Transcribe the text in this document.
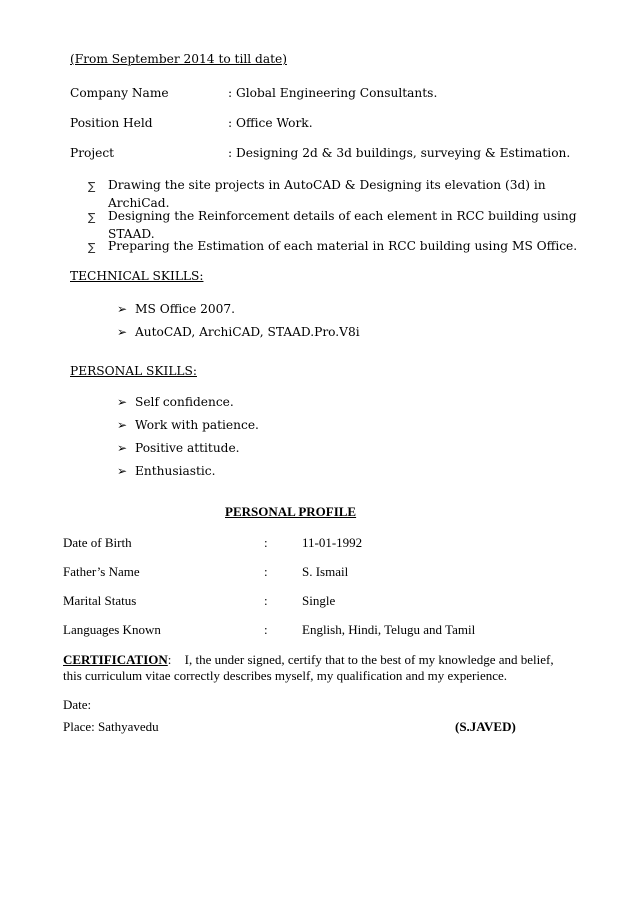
(From September 2014 to till date)
Company Name	: Global Engineering Consultants.
Position Held	: Office Work.
Project	: Designing 2d & 3d buildings, surveying & Estimation.
∑ Drawing the site projects in AutoCAD & Designing its elevation (3d) in ArchiCad.
∑ Designing the Reinforcement details of each element in RCC building using STAAD.
∑ Preparing the Estimation of each material in RCC building using MS Office.
TECHNICAL SKILLS:
➢ MS Office 2007.
➢ AutoCAD, ArchiCAD, STAAD.Pro.V8i
PERSONAL SKILLS:
➢ Self confidence.
➢ Work with patience.
➢ Positive attitude.
➢ Enthusiastic.
PERSONAL PROFILE
Date of Birth	:	11-01-1992
Father’s Name	:	S. Ismail
Marital Status	:	Single
Languages Known	:	English, Hindi, Telugu and Tamil
CERTIFICATION: I, the under signed, certify that to the best of my knowledge and belief,
this curriculum vitae correctly describes myself, my qualification and my experience.
Date:
Place: Sathyavedu	(S.JAVED)
